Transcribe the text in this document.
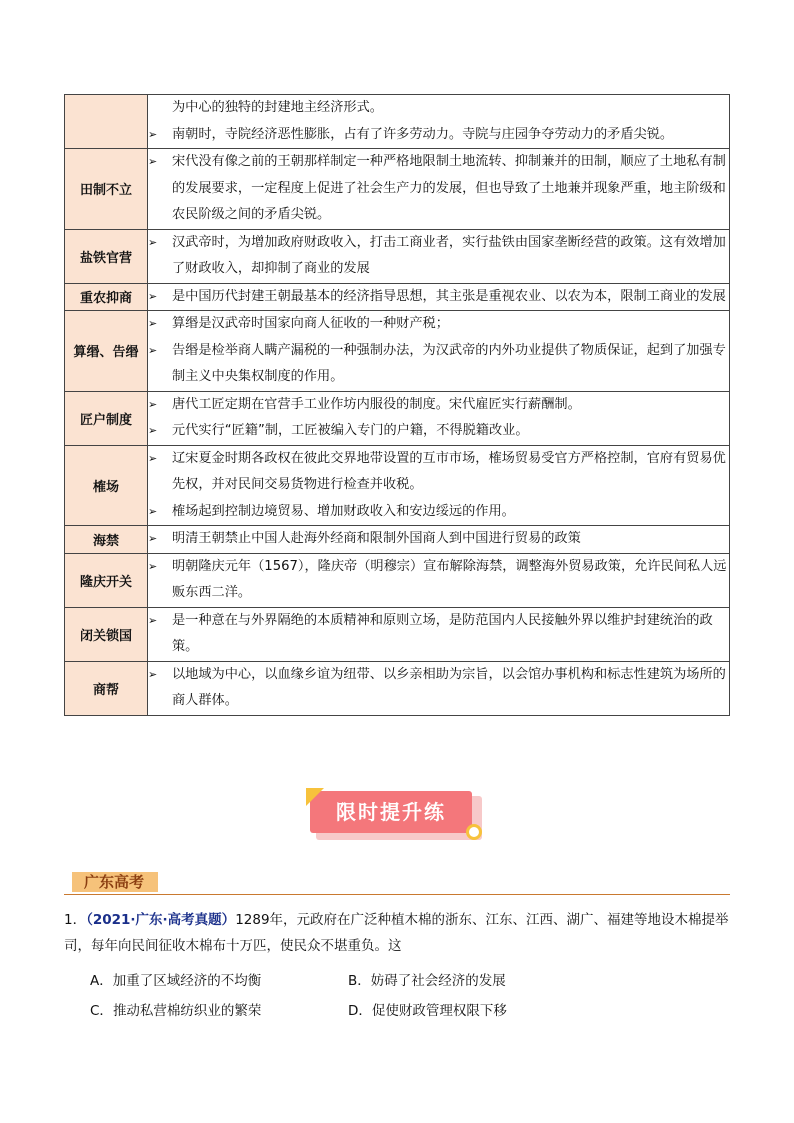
	为中心的独特的封建地主经济形式。
➢ 南朝时，寺院经济恶性膨胀，占有了许多劳动力。寺院与庄园争夺劳动力的矛盾尖锐。

田制不立	➢ 宋代没有像之前的王朝那样制定一种严格地限制土地流转、抑制兼并的田制，顺应了土地私有制的发展要求，一定程度上促进了社会生产力的发展，但也导致了土地兼并现象严重，地主阶级和农民阶级之间的矛盾尖锐。

盐铁官营	➢ 汉武帝时，为增加政府财政收入，打击工商业者，实行盐铁由国家垄断经营的政策。这有效增加了财政收入，却抑制了商业的发展

重农抑商	➢ 是中国历代封建王朝最基本的经济指导思想，其主张是重视农业、以农为本，限制工商业的发展

算缗、告缗	➢ 算缗是汉武帝时国家向商人征收的一种财产税；
➢ 告缗是检举商人瞒产漏税的一种强制办法，为汉武帝的内外功业提供了物质保证，起到了加强专制主义中央集权制度的作用。

匠户制度	➢ 唐代工匠定期在官营手工业作坊内服役的制度。宋代雇匠实行薪酬制。
➢ 元代实行“匠籍”制，工匠被编入专门的户籍，不得脱籍改业。

榷场	➢ 辽宋夏金时期各政权在彼此交界地带设置的互市市场，榷场贸易受官方严格控制，官府有贸易优先权，并对民间交易货物进行检查并收税。
➢ 榷场起到控制边境贸易、增加财政收入和安边绥远的作用。

海禁	➢ 明清王朝禁止中国人赴海外经商和限制外国商人到中国进行贸易的政策

隆庆开关	➢ 明朝隆庆元年（1567），隆庆帝（明穆宗）宣布解除海禁，调整海外贸易政策，允许民间私人远贩东西二洋。

闭关锁国	➢ 是一种意在与外界隔绝的本质精神和原则立场，是防范国内人民接触外界以维护封建统治的政策。

商帮	➢ 以地域为中心，以血缘乡谊为纽带、以乡亲相助为宗旨，以会馆办事机构和标志性建筑为场所的商人群体。
限时提升练
广东高考
1．（2021·广东·高考真题）1289年，元政府在广泛种植木棉的浙东、江东、江西、湖广、福建等地设木棉提举司，每年向民间征收木棉布十万匹，使民众不堪重负。这
A．加重了区域经济的不均衡	B．妨碍了社会经济的发展
C．推动私营棉纺织业的繁荣	D．促使财政管理权限下移
